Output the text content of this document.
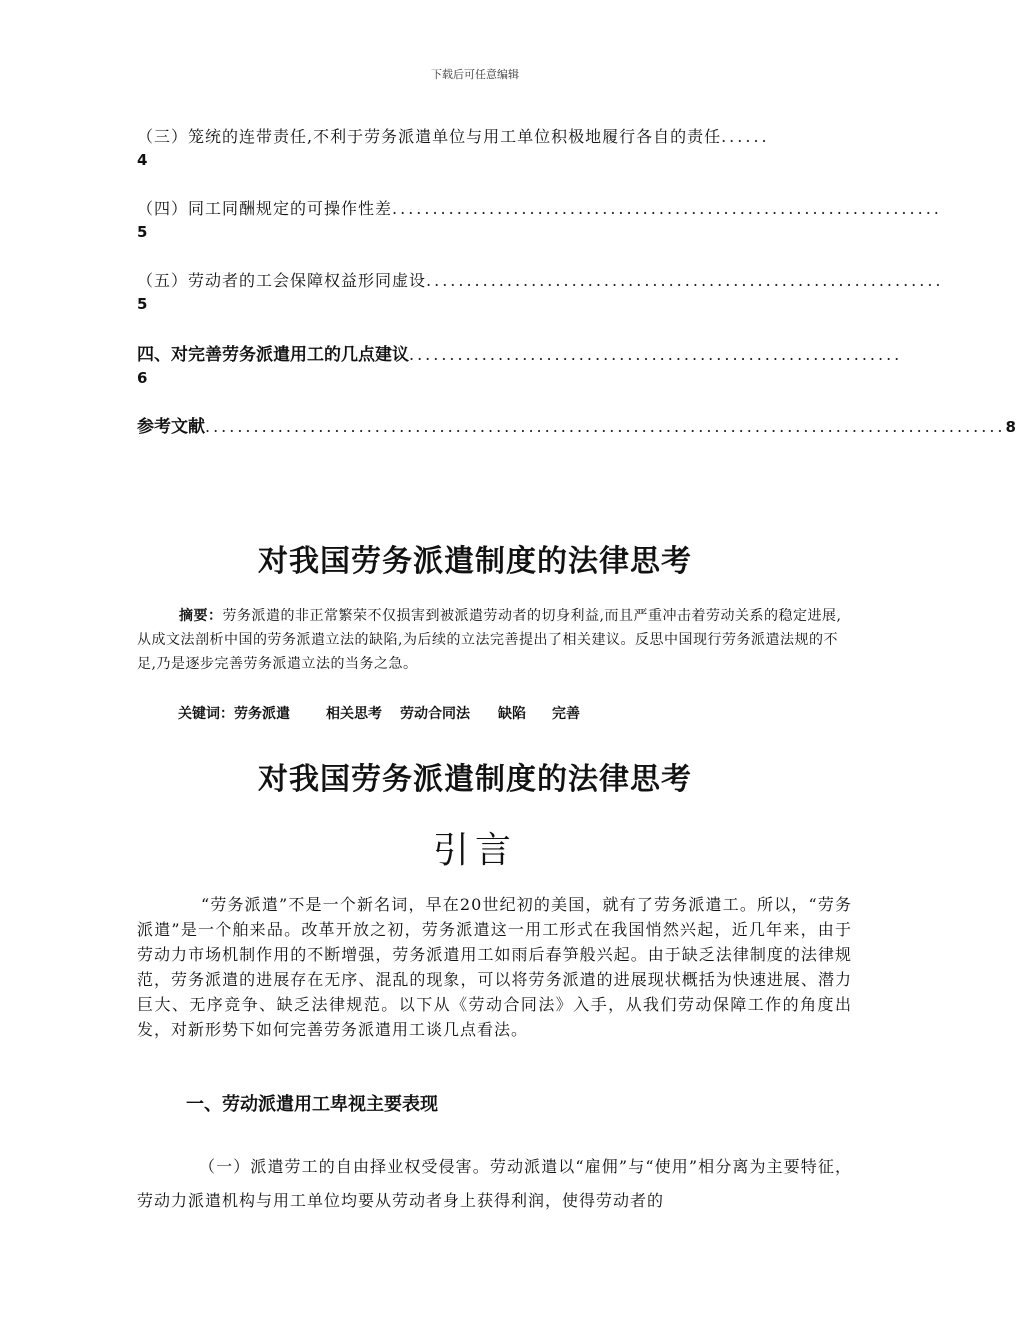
下载后可任意编辑
（三）笼统的连带责任,不利于劳务派遣单位与用工单位积极地履行各自的责任 ......
4
（四）同工同酬规定的可操作性差 ....................................................................
5
（五）劳动者的工会保障权益形同虚设 ................................................................
5
四、对完善劳务派遣用工的几点建议 .............................................................
6
参考文献 ................................................................................................... 8
对我国劳务派遣制度的法律思考
摘要：劳务派遣的非正常繁荣不仅损害到被派遣劳动者的切身利益,而且严重冲击着劳动关系的稳定进展,从成文法剖析中国的劳务派遣立法的缺陷,为后续的立法完善提出了相关建议。反思中国现行劳务派遣法规的不足,乃是逐步完善劳务派遣立法的当务之急。
关键词：劳务派遣	相关思考 劳动合同法 缺陷 完善
对我国劳务派遣制度的法律思考
引言
“劳务派遣”不是一个新名词，早在20世纪初的美国，就有了劳务派遣工。所以，“劳务派遣”是一个舶来品。改革开放之初，劳务派遣这一用工形式在我国悄然兴起，近几年来，由于劳动力市场机制作用的不断增强，劳务派遣用工如雨后春笋般兴起。由于缺乏法律制度的法律规范，劳务派遣的进展存在无序、混乱的现象，可以将劳务派遣的进展现状概括为快速进展、潜力巨大、无序竞争、缺乏法律规范。以下从《劳动合同法》入手，从我们劳动保障工作的角度出发，对新形势下如何完善劳务派遣用工谈几点看法。
一、劳动派遣用工卑视主要表现
（一）派遣劳工的自由择业权受侵害。劳动派遣以“雇佣”与“使用”相分离为主要特征，劳动力派遣机构与用工单位均要从劳动者身上获得利润，使得劳动者的
